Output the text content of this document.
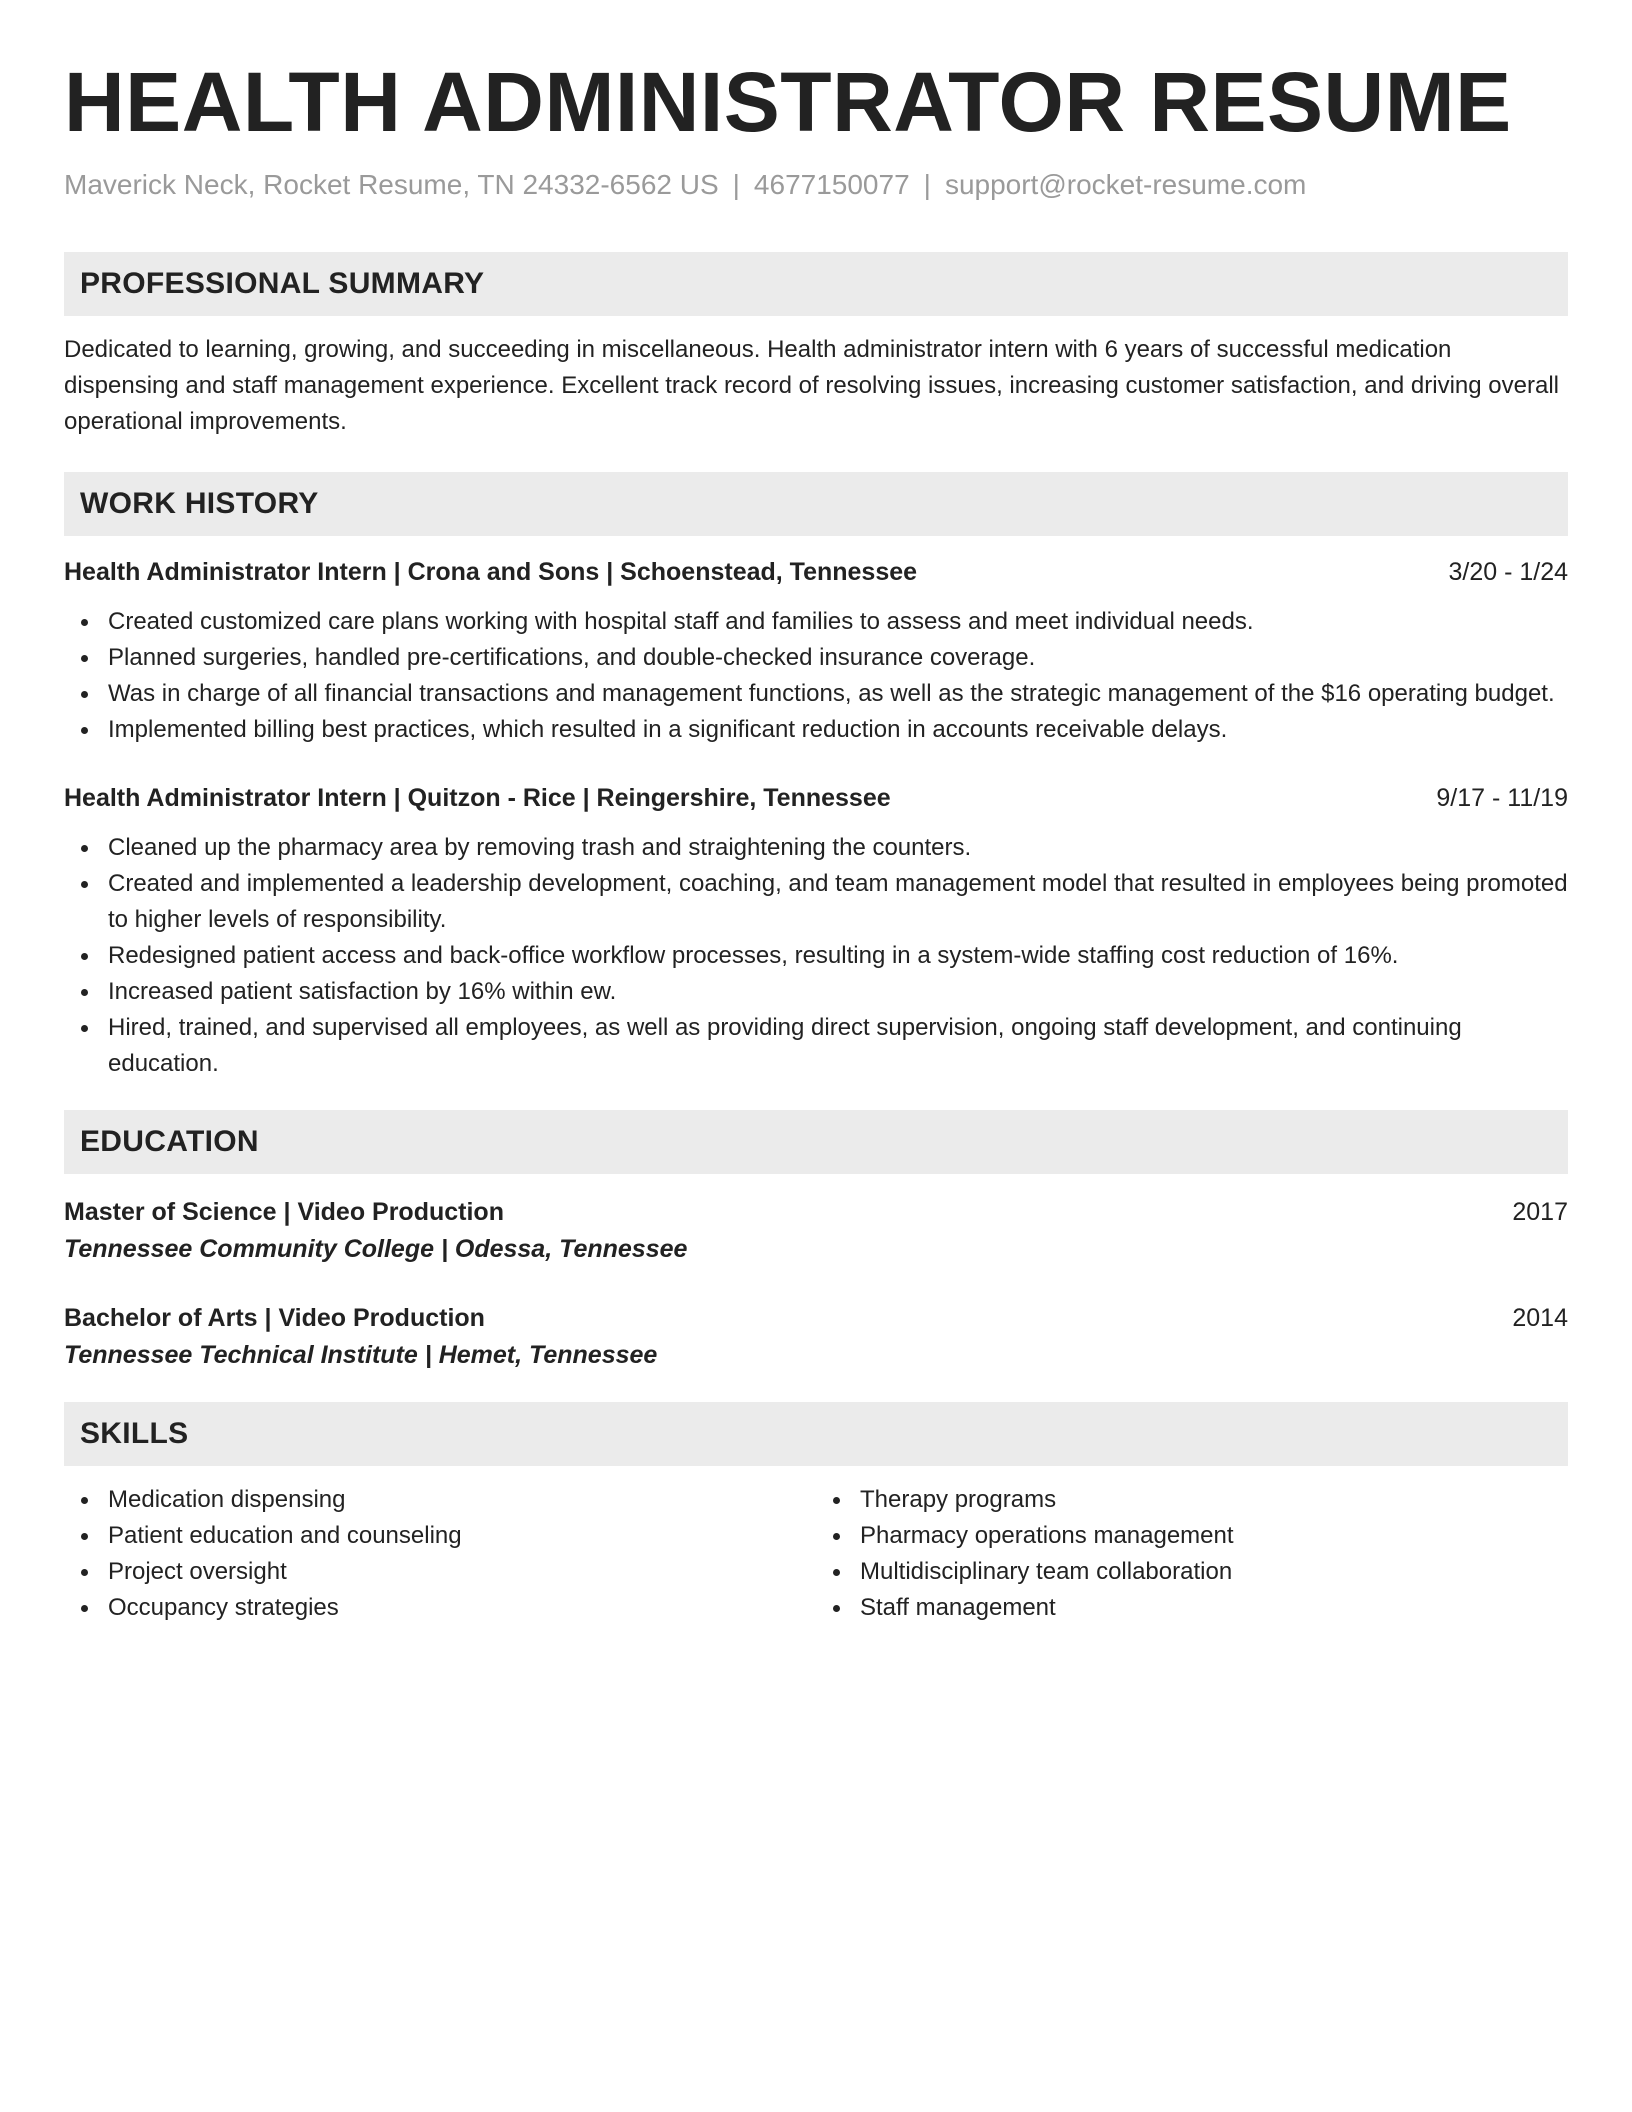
HEALTH ADMINISTRATOR RESUME
Maverick Neck, Rocket Resume, TN 24332-6562 US | 4677150077 | support@rocket-resume.com
PROFESSIONAL SUMMARY
Dedicated to learning, growing, and succeeding in miscellaneous. Health administrator intern with 6 years of successful medication dispensing and staff management experience. Excellent track record of resolving issues, increasing customer satisfaction, and driving overall operational improvements.
WORK HISTORY
Health Administrator Intern | Crona and Sons | Schoenstead, Tennessee	3/20 - 1/24
Created customized care plans working with hospital staff and families to assess and meet individual needs.
Planned surgeries, handled pre-certifications, and double-checked insurance coverage.
Was in charge of all financial transactions and management functions, as well as the strategic management of the $16 operating budget.
Implemented billing best practices, which resulted in a significant reduction in accounts receivable delays.
Health Administrator Intern | Quitzon - Rice | Reingershire, Tennessee	9/17 - 11/19
Cleaned up the pharmacy area by removing trash and straightening the counters.
Created and implemented a leadership development, coaching, and team management model that resulted in employees being promoted to higher levels of responsibility.
Redesigned patient access and back-office workflow processes, resulting in a system-wide staffing cost reduction of 16%.
Increased patient satisfaction by 16% within ew.
Hired, trained, and supervised all employees, as well as providing direct supervision, ongoing staff development, and continuing education.
EDUCATION
Master of Science | Video Production	2017
Tennessee Community College | Odessa, Tennessee
Bachelor of Arts | Video Production	2014
Tennessee Technical Institute | Hemet, Tennessee
SKILLS
Medication dispensing
Patient education and counseling
Project oversight
Occupancy strategies
Therapy programs
Pharmacy operations management
Multidisciplinary team collaboration
Staff management
